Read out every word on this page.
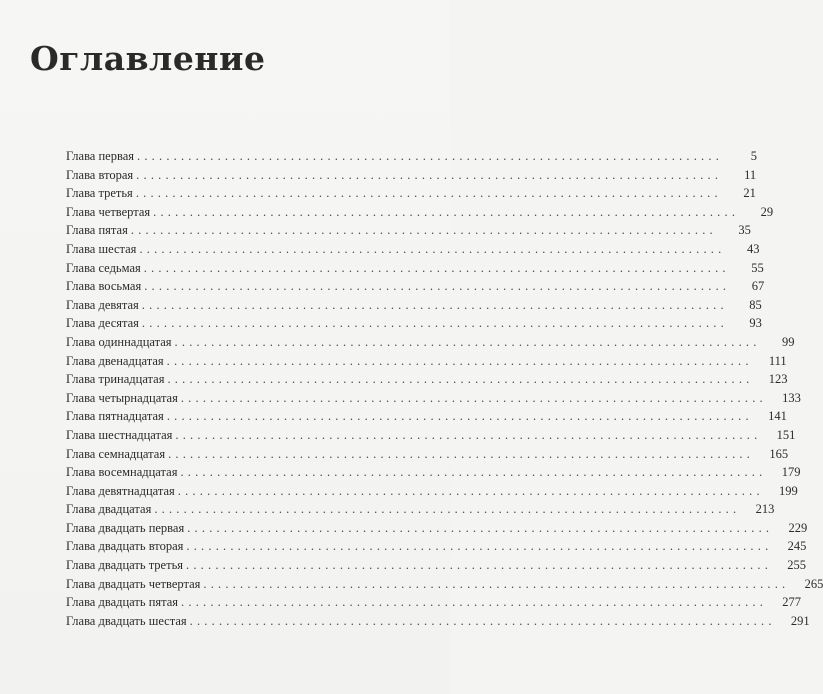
Оглавление
Глава первая ................................................................................	5
Глава вторая ................................................................................	11
Глава третья ................................................................................	21
Глава четвертая ................................................................................	29
Глава пятая ................................................................................	35
Глава шестая ................................................................................	43
Глава седьмая ................................................................................	55
Глава восьмая ................................................................................	67
Глава девятая ................................................................................	85
Глава десятая ................................................................................	93
Глава одиннадцатая ................................................................................	99
Глава двенадцатая ................................................................................	111
Глава тринадцатая ................................................................................	123
Глава четырнадцатая ................................................................................	133
Глава пятнадцатая ................................................................................	141
Глава шестнадцатая ................................................................................	151
Глава семнадцатая ................................................................................	165
Глава восемнадцатая ................................................................................	179
Глава девятнадцатая ................................................................................	199
Глава двадцатая ................................................................................	213
Глава двадцать первая ................................................................................	229
Глава двадцать вторая ................................................................................	245
Глава двадцать третья ................................................................................	255
Глава двадцать четвертая ................................................................................	265
Глава двадцать пятая ................................................................................	277
Глава двадцать шестая ................................................................................	291
